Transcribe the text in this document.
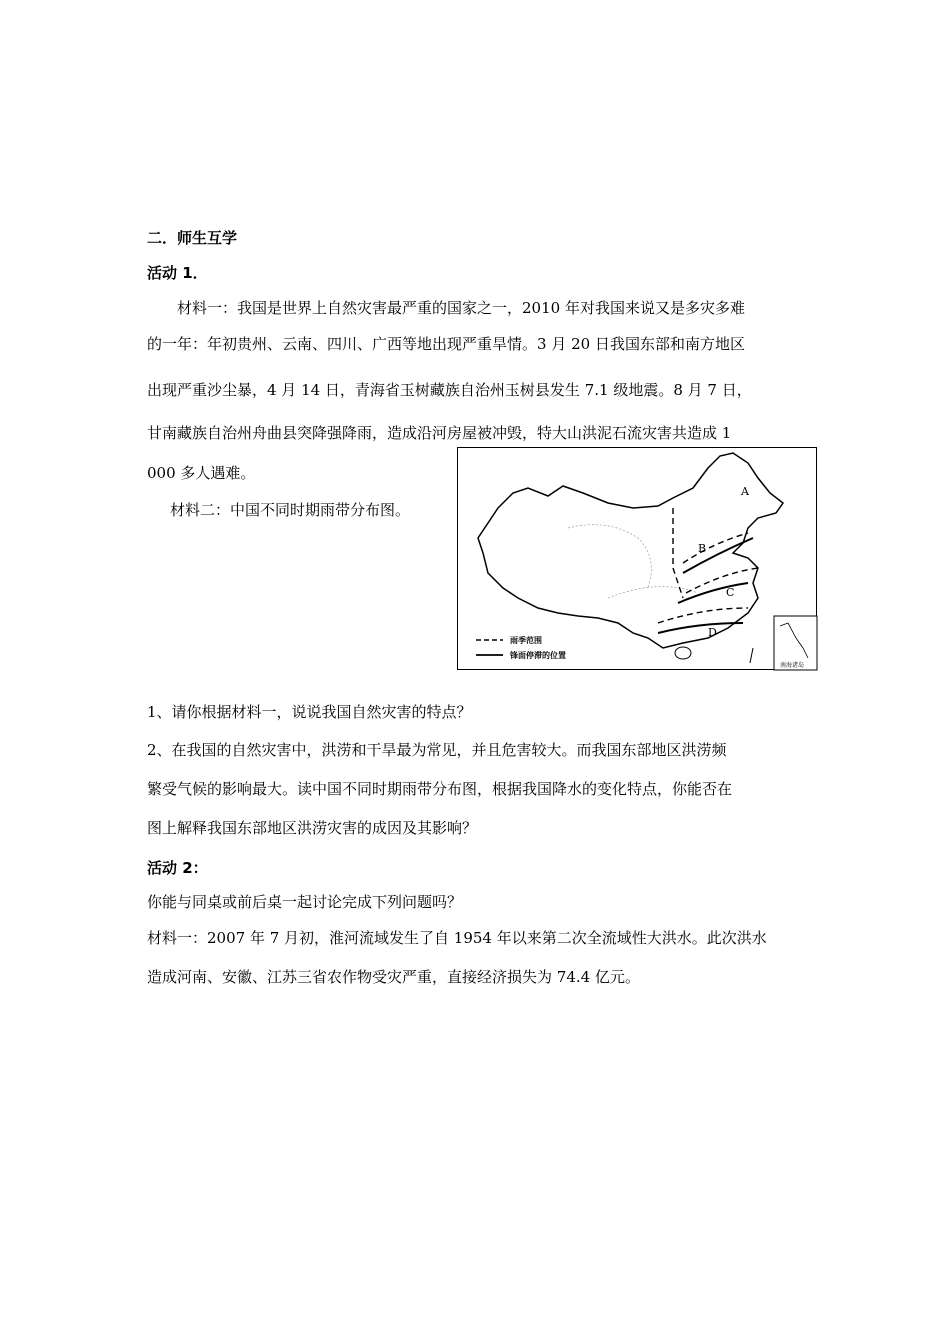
二．师生互学
活动 1．
材料一：我国是世界上自然灾害最严重的国家之一，2010 年对我国来说又是多灾多难
的一年：年初贵州、云南、四川、广西等地出现严重旱情。3 月 20 日我国东部和南方地区
出现严重沙尘暴，4 月 14 日，青海省玉树藏族自治州玉树县发生 7.1 级地震。8 月 7 日，
甘南藏族自治州舟曲县突降强降雨，造成沿河房屋被冲毁，特大山洪泥石流灾害共造成 1
000 多人遇难。
材料二：中国不同时期雨带分布图。
南海诸岛
A
B
C
D
雨季范围
锋面停滞的位置
1、请你根据材料一，说说我国自然灾害的特点？
2、在我国的自然灾害中，洪涝和干旱最为常见，并且危害较大。而我国东部地区洪涝频
繁受气候的影响最大。读中国不同时期雨带分布图，根据我国降水的变化特点，你能否在
图上解释我国东部地区洪涝灾害的成因及其影响？
活动 2：
你能与同桌或前后桌一起讨论完成下列问题吗？
材料一：2007 年 7 月初，淮河流域发生了自 1954 年以来第二次全流域性大洪水。此次洪水
造成河南、安徽、江苏三省农作物受灾严重，直接经济损失为 74.4 亿元。
